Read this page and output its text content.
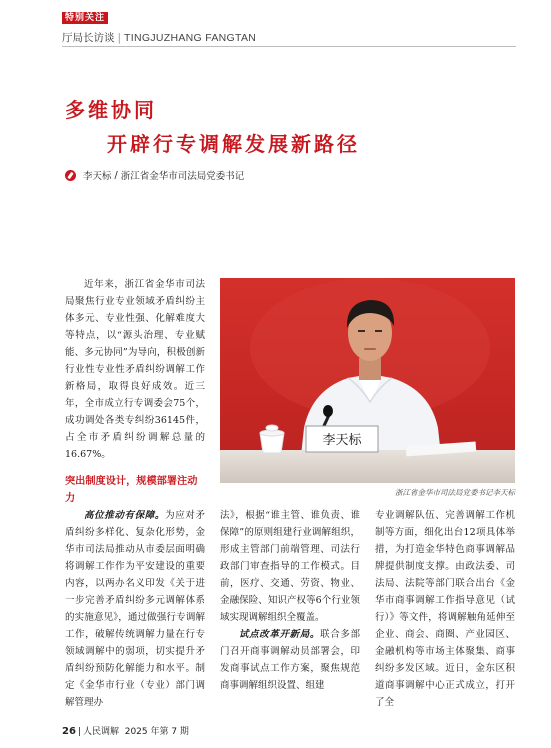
特别关注
厅局长访谈 | TINGJUZHANG FANGTAN
多维协同
开辟行专调解发展新路径
李天标 / 浙江省金华市司法局党委书记

近年来，浙江省金华市司法局聚焦行业专业领域矛盾纠纷主体多元、专业性强、化解难度大等特点，以“源头治理、专业赋能、多元协同”为导向，积极创新行业性专业性矛盾纠纷调解工作新格局，取得良好成效。近三年，全市成立行专调委会75个，成功调处各类专纠纷36145件，占全市矛盾纠纷调解总量的16.67%。

李天标
浙江省金华市司法局党委书记李天标
突出制度设计，规模部署注动力

高位推动有保障。为应对矛盾纠纷多样化、复杂化形势，金华市司法局推动从市委层面明确将调解工作作为平安建设的重要内容，以两办名义印发《关于进一步完善矛盾纠纷多元调解体系的实施意见》，通过做强行专调解工作，破解传统调解力量在行专领域调解中的弱项，切实提升矛盾纠纷预防化解能力和水平。制定《金华市行业（专业）部门调解管理办

法》，根据“谁主管、谁负责、谁保障”的原则组建行业调解组织，形成主管部门前端管理、司法行政部门审查指导的工作模式。目前，医疗、交通、劳资、物业、金融保险、知识产权等6个行业领域实现调解组织全覆盖。

试点改革开新局。联合多部门召开商事调解动员部署会，印发商事试点工作方案，聚焦规范商事调解组织设置、组建

专业调解队伍、完善调解工作机制等方面，细化出台12项具体举措，为打造金华特色商事调解品牌提供制度支撑。由政法委、司法局、法院等部门联合出台《金华市商事调解工作指导意见（试行）》等文件，将调解触角延伸至企业、商会、商圈、产业园区、金融机构等市场主体聚集、商事纠纷多发区域。近日，金东区积道商事调解中心正式成立，打开了全

26 | 人民调解 2025 年第 7 期
